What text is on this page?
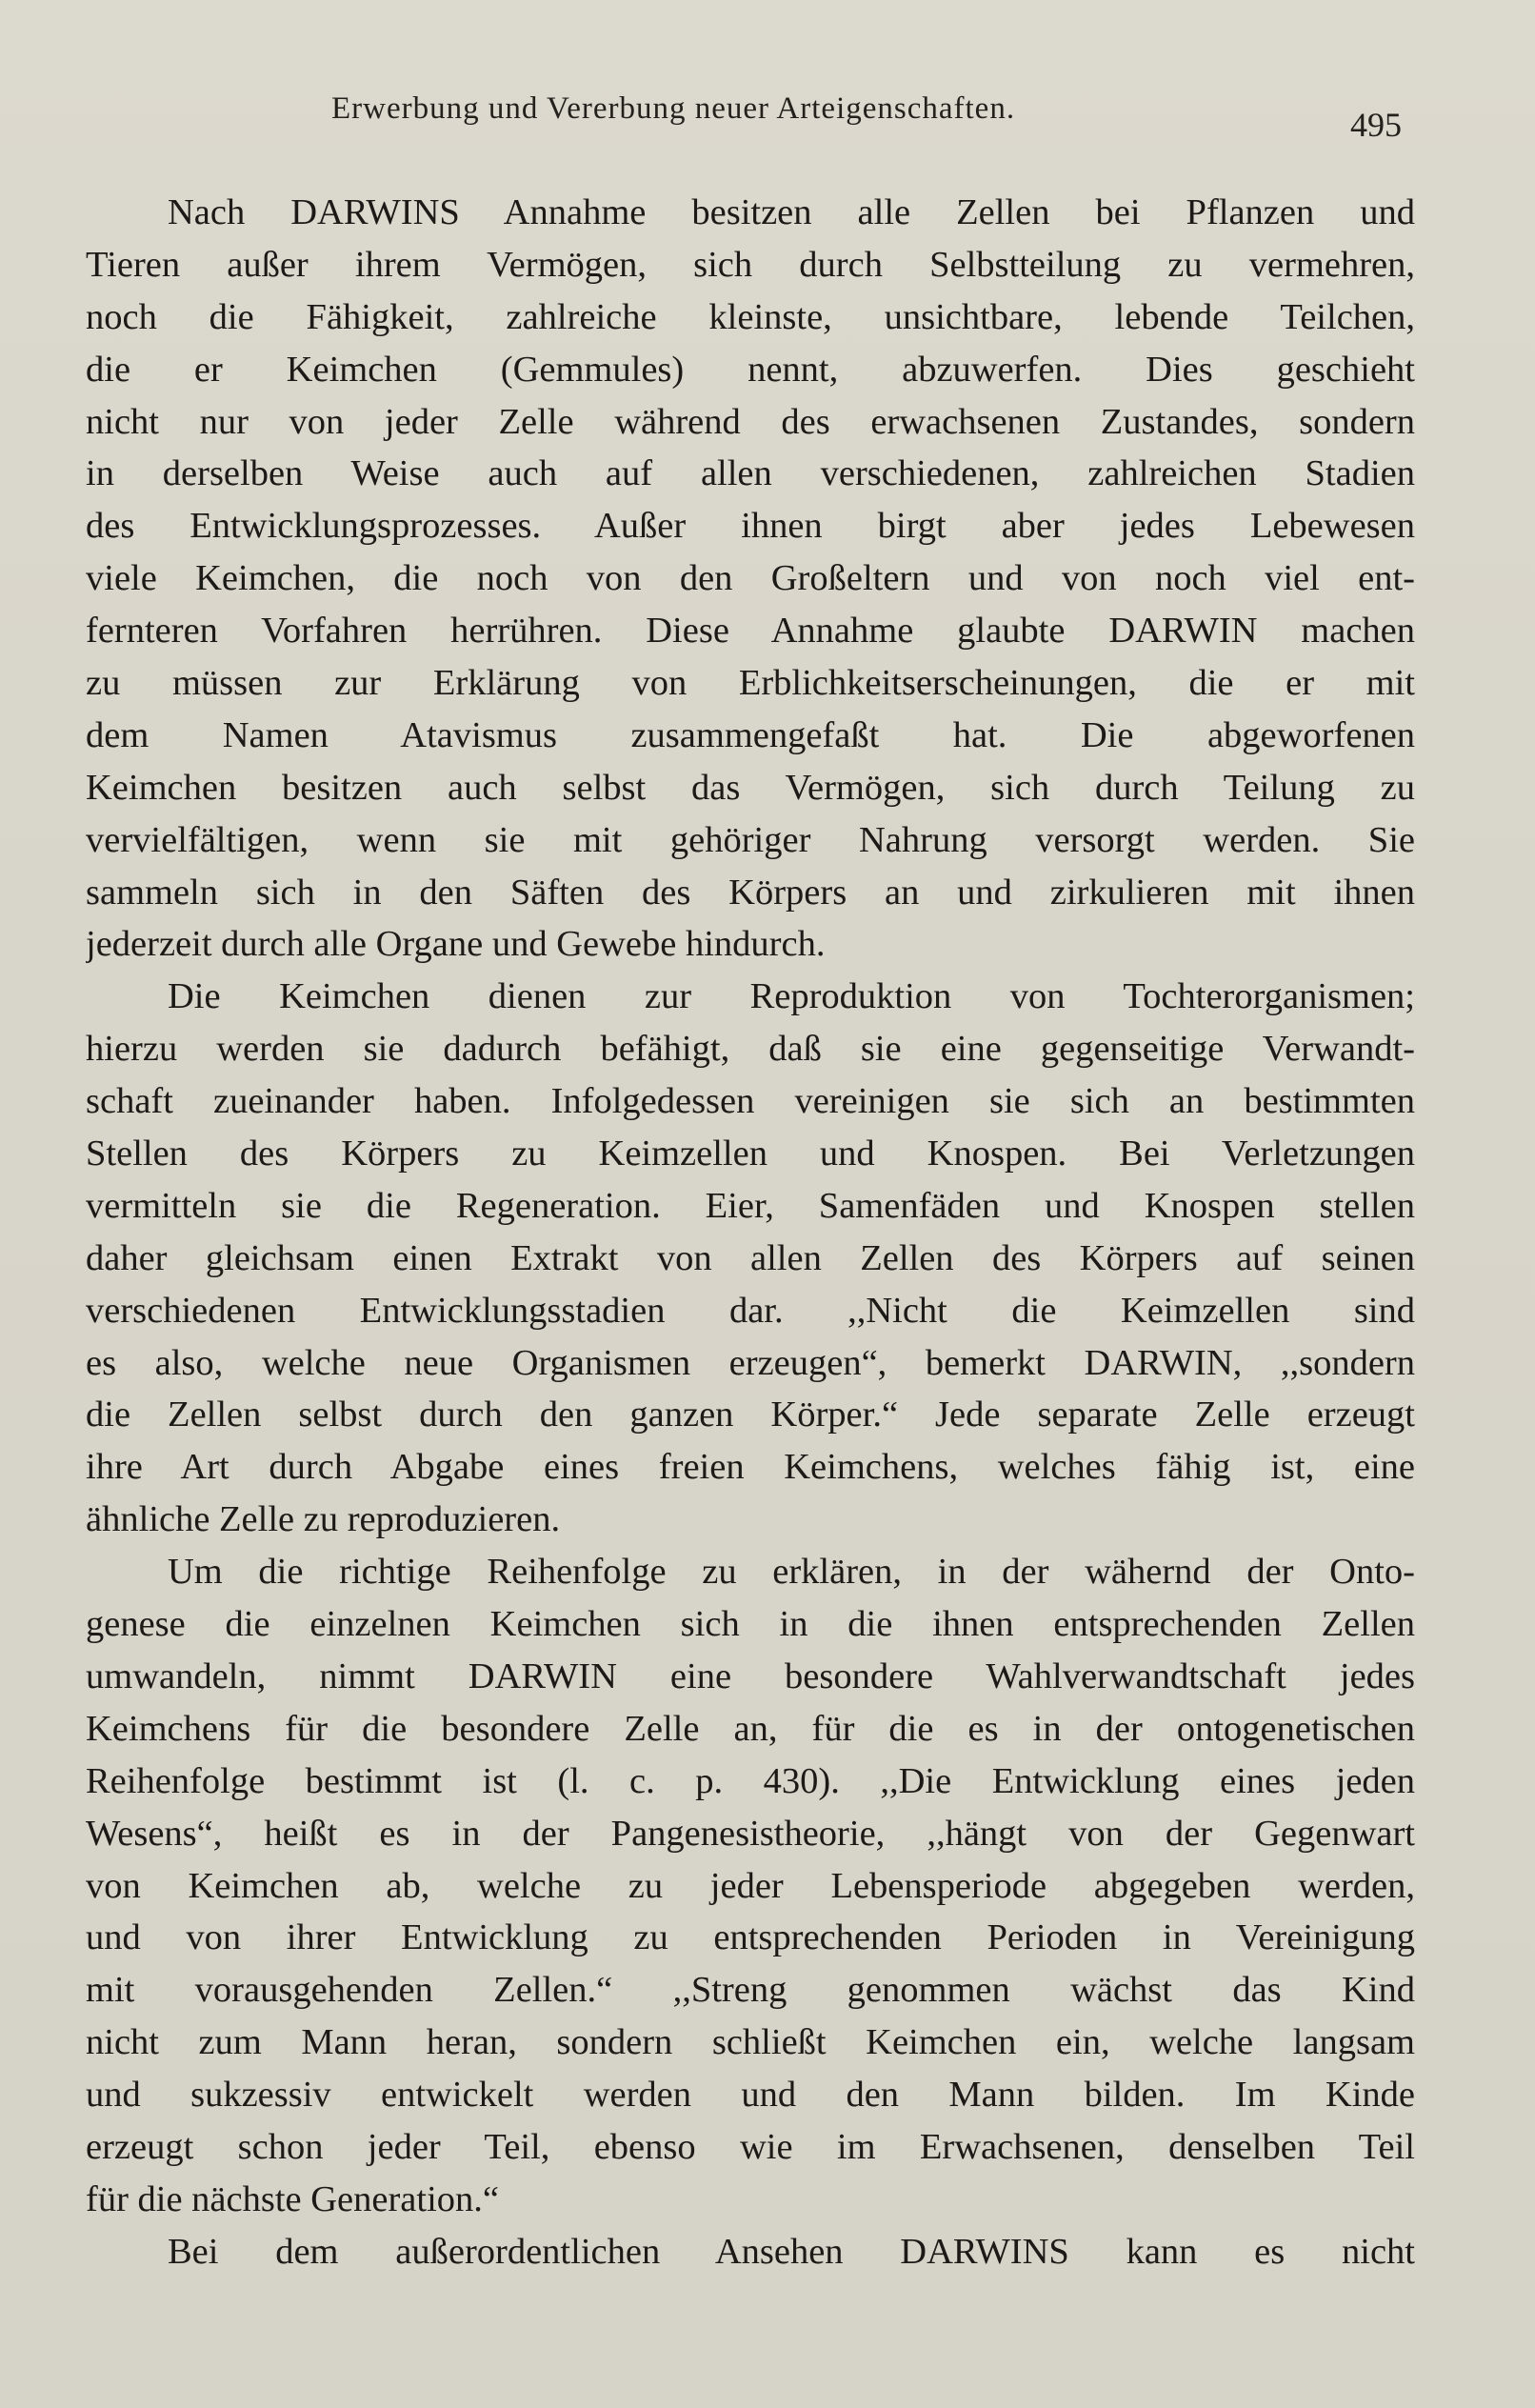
Erwerbung und Vererbung neuer Arteigenschaften.	495
Nach DARWINS Annahme besitzen alle Zellen bei Pflanzen und
Tieren außer ihrem Vermögen, sich durch Selbstteilung zu vermehren,
noch die Fähigkeit, zahlreiche kleinste, unsichtbare, lebende Teilchen,
die er Keimchen (Gemmules) nennt, abzuwerfen. Dies geschieht
nicht nur von jeder Zelle während des erwachsenen Zustandes, sondern
in derselben Weise auch auf allen verschiedenen, zahlreichen Stadien
des Entwicklungsprozesses. Außer ihnen birgt aber jedes Lebewesen
viele Keimchen, die noch von den Großeltern und von noch viel ent-
fernteren Vorfahren herrühren. Diese Annahme glaubte DARWIN machen
zu müssen zur Erklärung von Erblichkeitserscheinungen, die er mit
dem Namen Atavismus zusammengefaßt hat. Die abgeworfenen
Keimchen besitzen auch selbst das Vermögen, sich durch Teilung zu
vervielfältigen, wenn sie mit gehöriger Nahrung versorgt werden. Sie
sammeln sich in den Säften des Körpers an und zirkulieren mit ihnen
jederzeit durch alle Organe und Gewebe hindurch.
Die Keimchen dienen zur Reproduktion von Tochterorganismen;
hierzu werden sie dadurch befähigt, daß sie eine gegenseitige Verwandt-
schaft zueinander haben. Infolgedessen vereinigen sie sich an bestimmten
Stellen des Körpers zu Keimzellen und Knospen. Bei Verletzungen
vermitteln sie die Regeneration. Eier, Samenfäden und Knospen stellen
daher gleichsam einen Extrakt von allen Zellen des Körpers auf seinen
verschiedenen Entwicklungsstadien dar. ,,Nicht die Keimzellen sind
es also, welche neue Organismen erzeugen“, bemerkt DARWIN, ,,sondern
die Zellen selbst durch den ganzen Körper.“ Jede separate Zelle erzeugt
ihre Art durch Abgabe eines freien Keimchens, welches fähig ist, eine
ähnliche Zelle zu reproduzieren.
Um die richtige Reihenfolge zu erklären, in der wähernd der Onto-
genese die einzelnen Keimchen sich in die ihnen entsprechenden Zellen
umwandeln, nimmt DARWIN eine besondere Wahlverwandtschaft jedes
Keimchens für die besondere Zelle an, für die es in der ontogenetischen
Reihenfolge bestimmt ist (l. c. p. 430). ,,Die Entwicklung eines jeden
Wesens“, heißt es in der Pangenesistheorie, ,,hängt von der Gegenwart
von Keimchen ab, welche zu jeder Lebensperiode abgegeben werden,
und von ihrer Entwicklung zu entsprechenden Perioden in Vereinigung
mit vorausgehenden Zellen.“ ,,Streng genommen wächst das Kind
nicht zum Mann heran, sondern schließt Keimchen ein, welche langsam
und sukzessiv entwickelt werden und den Mann bilden. Im Kinde
erzeugt schon jeder Teil, ebenso wie im Erwachsenen, denselben Teil
für die nächste Generation.“
Bei dem außerordentlichen Ansehen DARWINS kann es nicht
